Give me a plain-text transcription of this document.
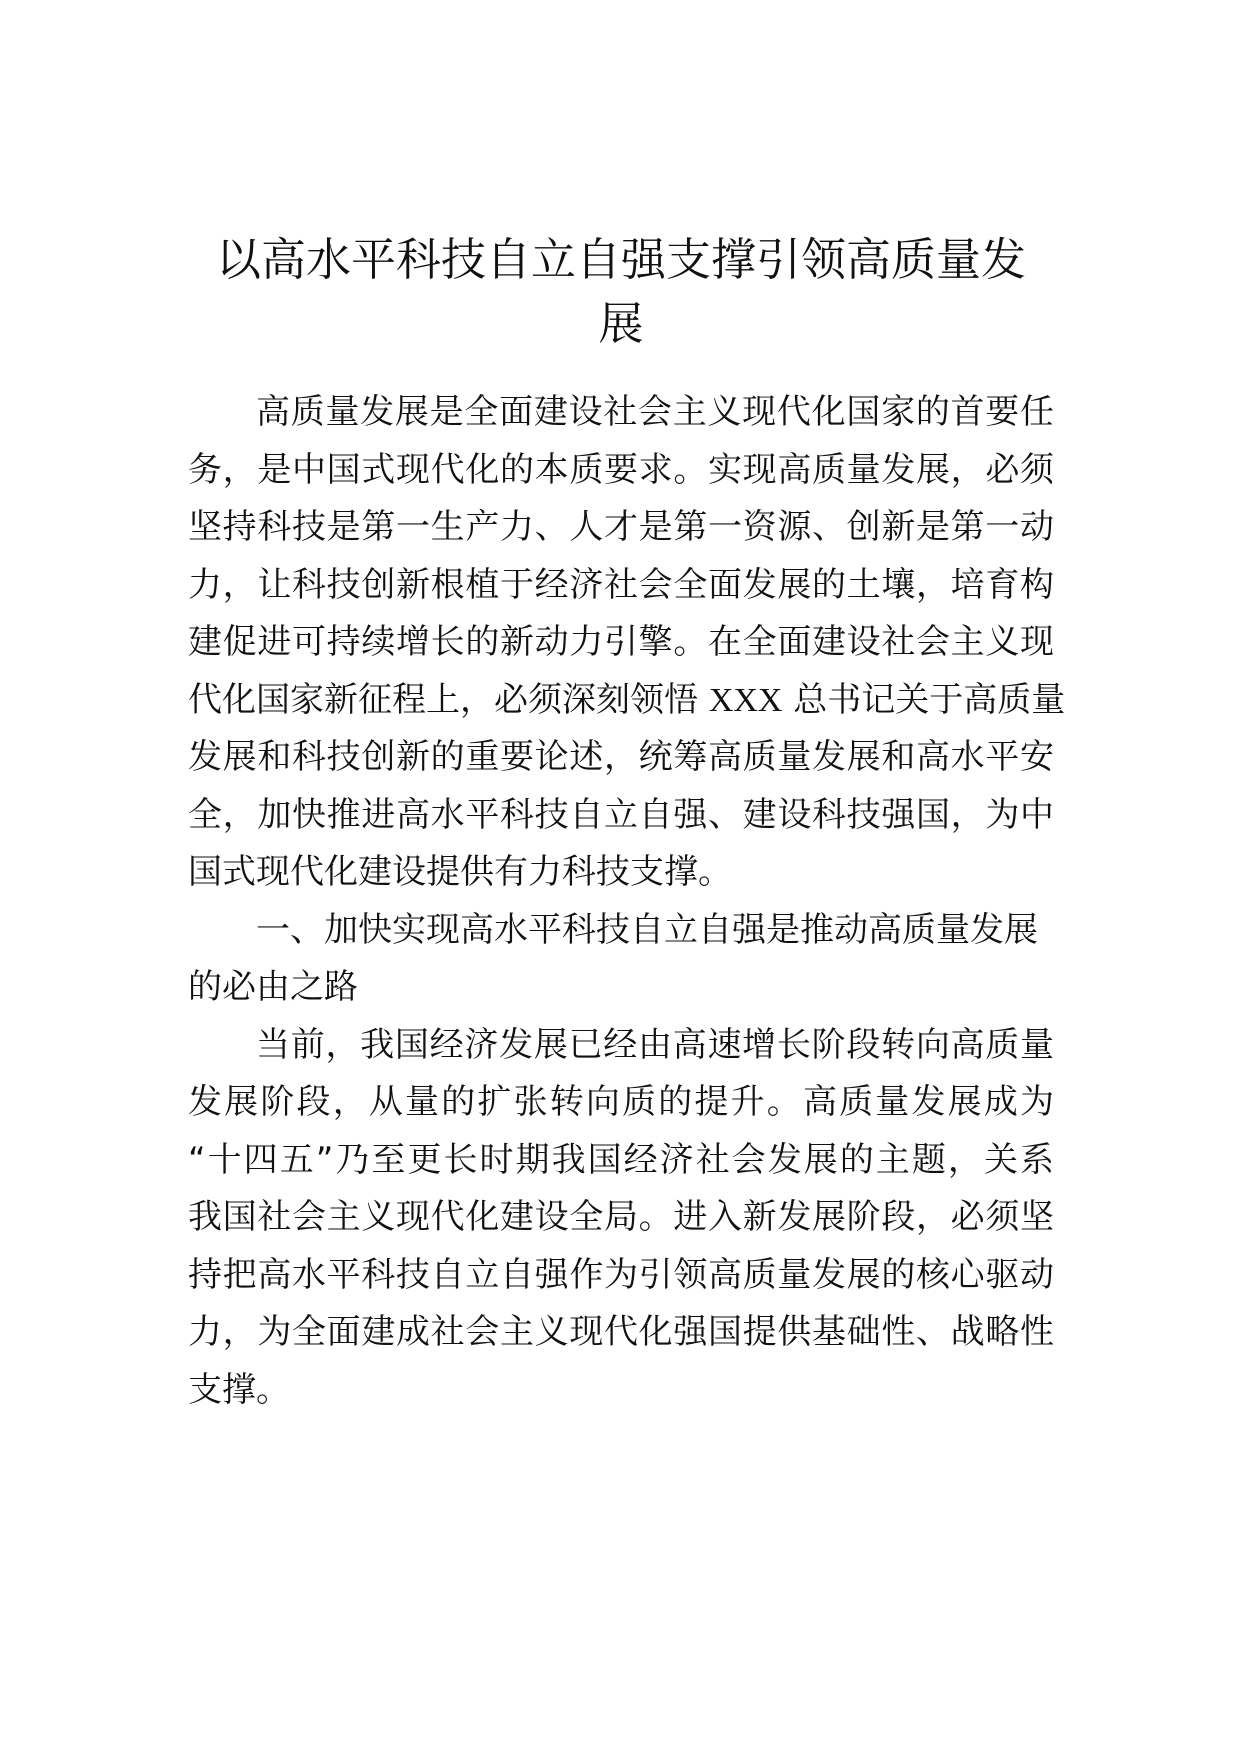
以高水平科技自立自强支撑引领高质量发
展
高质量发展是全面建设社会主义现代化国家的首要任
务，是中国式现代化的本质要求。实现高质量发展，必须
坚持科技是第一生产力、人才是第一资源、创新是第一动
力，让科技创新根植于经济社会全面发展的土壤，培育构
建促进可持续增长的新动力引擎。在全面建设社会主义现
代化国家新征程上，必须深刻领悟 XXX 总书记关于高质量
发展和科技创新的重要论述，统筹高质量发展和高水平安
全，加快推进高水平科技自立自强、建设科技强国，为中
国式现代化建设提供有力科技支撑。
一、加快实现高水平科技自立自强是推动高质量发展
的必由之路
当前，我国经济发展已经由高速增长阶段转向高质量
发展阶段，从量的扩张转向质的提升。高质量发展成为
“十四五”乃至更长时期我国经济社会发展的主题，关系
我国社会主义现代化建设全局。进入新发展阶段，必须坚
持把高水平科技自立自强作为引领高质量发展的核心驱动
力，为全面建成社会主义现代化强国提供基础性、战略性
支撑。
